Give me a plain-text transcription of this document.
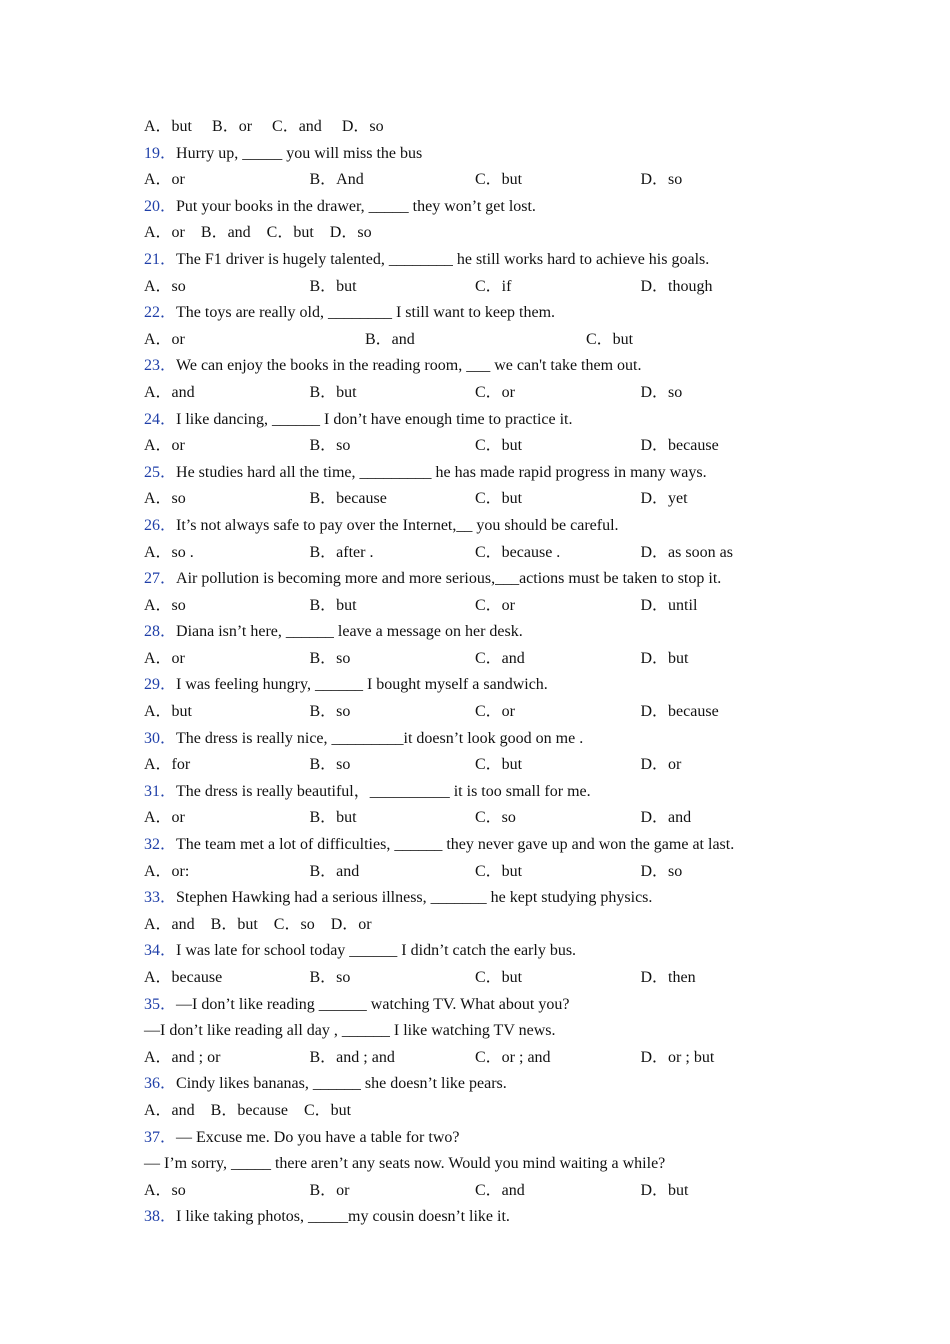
A．but B．or C．and D．so
19．Hurry up, _____ you will miss the bus
A．or	B．And	C．but	D．so
20．Put your books in the drawer, _____ they won’t get lost.
A．or B．and C．but D．so
21．The F1 driver is hugely talented, ________ he still works hard to achieve his goals.
A．so	B．but	C．if	D．though
22．The toys are really old, ________ I still want to keep them.
A．or	B．and	C．but
23．We can enjoy the books in the reading room, ___ we can't take them out.
A．and	B．but	C．or	D．so
24．I like dancing, ______ I don’t have enough time to practice it.
A．or	B．so	C．but	D．because
25．He studies hard all the time, _________ he has made rapid progress in many ways.
A．so	B．because	C．but	D．yet
26．It’s not always safe to pay over the Internet,__ you should be careful.
A．so .	B．after .	C．because .	D．as soon as
27．Air pollution is becoming more and more serious,___actions must be taken to stop it.
A．so	B．but	C．or	D．until
28．Diana isn’t here, ______ leave a message on her desk.
A．or	B．so	C．and	D．but
29．I was feeling hungry, ______ I bought myself a sandwich.
A．but	B．so	C．or	D．because
30．The dress is really nice, _________it doesn’t look good on me .
A．for	B．so	C．but	D．or
31．The dress is really beautiful，__________ it is too small for me.
A．or	B．but	C．so	D．and
32．The team met a lot of difficulties, ______ they never gave up and won the game at last.
A．or:	B．and	C．but	D．so
33．Stephen Hawking had a serious illness, _______ he kept studying physics.
A．and B．but C．so D．or
34．I was late for school today ______ I didn’t catch the early bus.
A．because	B．so	C．but	D．then
35．—I don’t like reading ______ watching TV. What about you?
—I don’t like reading all day , ______ I like watching TV news.
A．and ; or	B．and ; and	C．or ; and	D．or ; but
36．Cindy likes bananas, ______ she doesn’t like pears.
A．and B．because C．but
37．— Excuse me. Do you have a table for two?
— I’m sorry, _____ there aren’t any seats now. Would you mind waiting a while?
A．so	B．or	C．and	D．but
38．I like taking photos, _____my cousin doesn’t like it.
